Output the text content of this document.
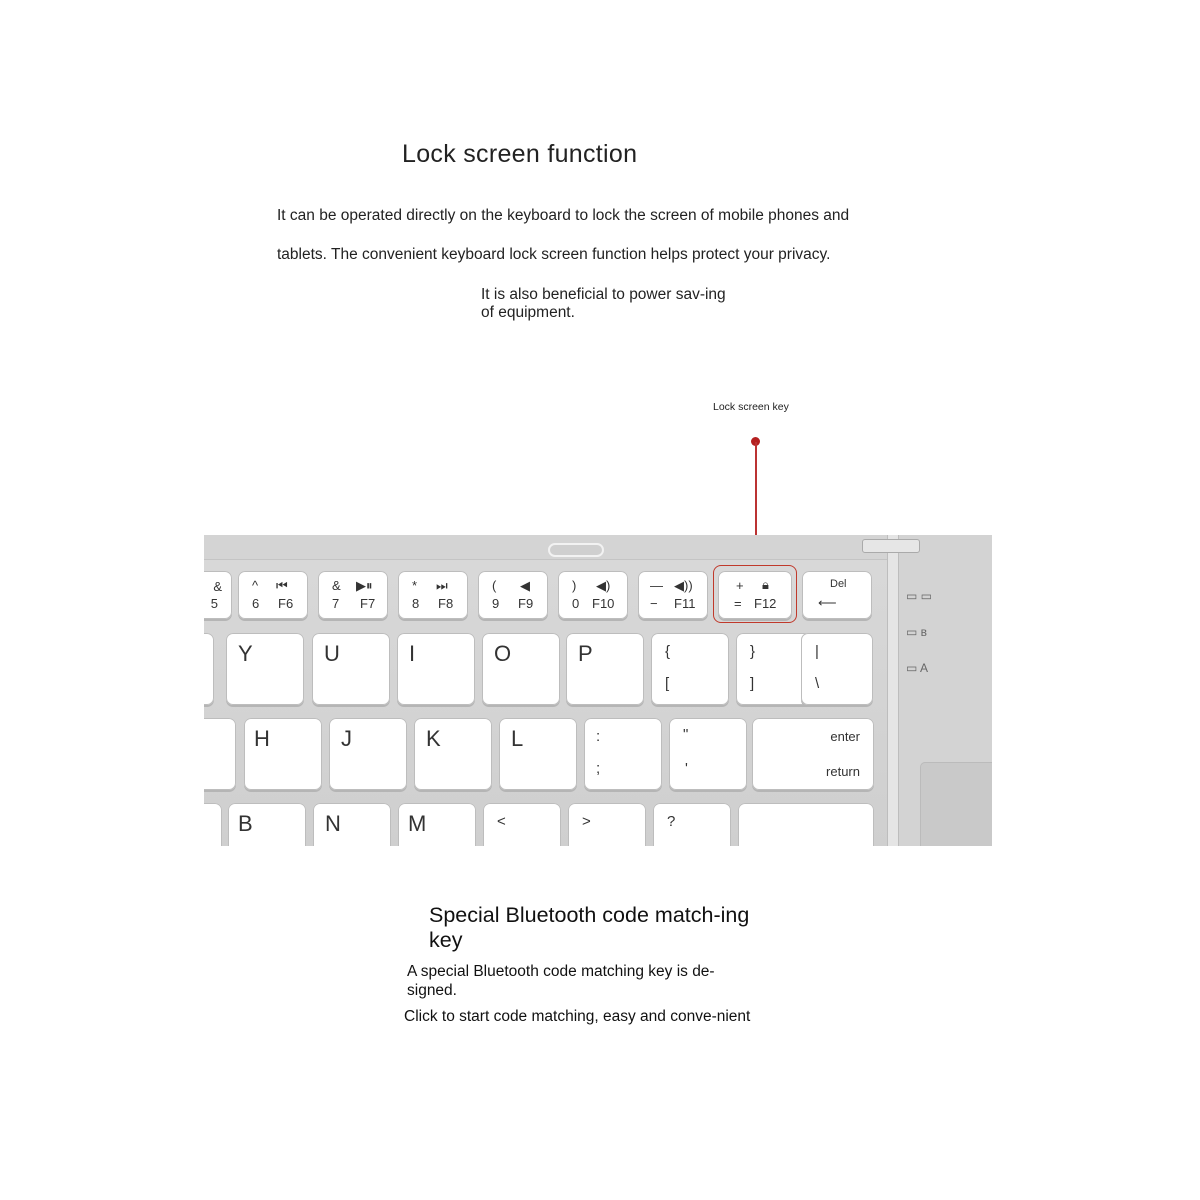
Lock screen function
It can be operated directly on the keyboard to lock the screen of mobile phones and
tablets. The convenient keyboard lock screen function helps protect your privacy.
It is also beneficial to power sav-ing of equipment.
Lock screen key
&
5
^ ⏮
6 F6
& ▶⏸
7 F7
* ⏭
8 F8
( ◀
9 F9
) ◀)
0 F10
— ◀))
− F11
+ 🔒︎
= F12
Del
⟵
Y	U	I	O	P	{
[
}
]
|
\
H	J	K	L	:
;
"
'
enter
return
B	N	M	<	>	?
▭ ▭
▭ ʙ
▭ A
Special Bluetooth code match-ing key
A special Bluetooth code matching key is de-signed.
Click to start code matching, easy and conve-nient
